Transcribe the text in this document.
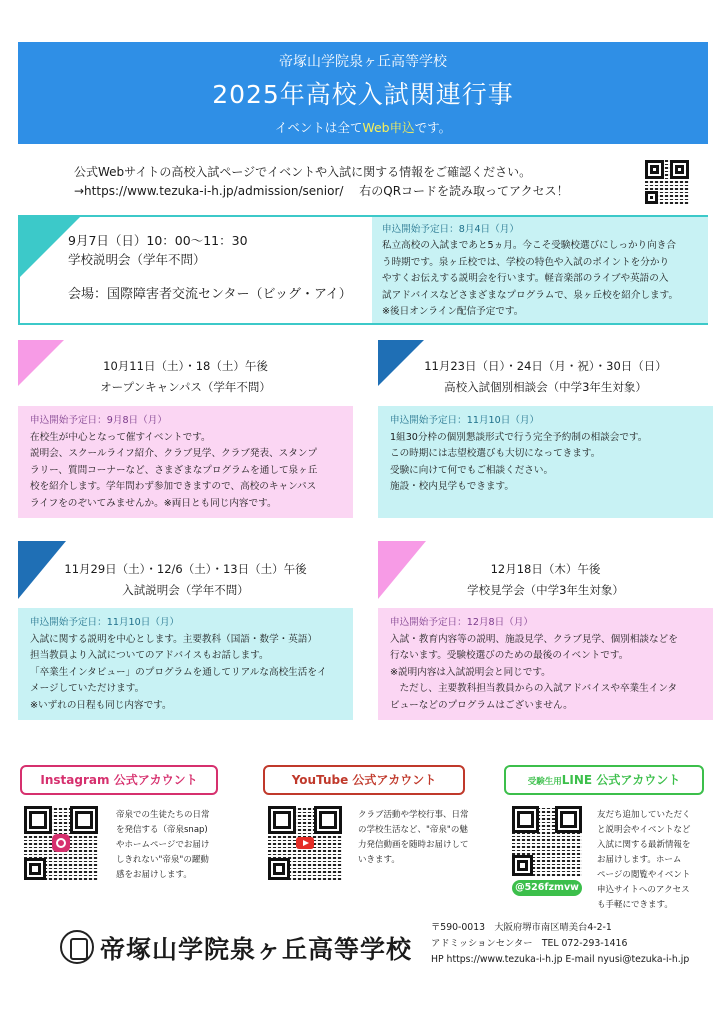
帝塚山学院泉ヶ丘高等学校
2025年高校入試関連行事
イベントは全てWeb申込です。
公式Webサイトの高校入試ページでイベントや入試に関する情報をご確認ください。
→https://www.tezuka-i-h.jp/admission/senior/　 右のQRコードを読み取ってアクセス！
9月7日（日）10：00～11：30
学校説明会（学年不問）
会場：国際障害者交流センター（ビッグ・アイ）
申込開始予定日：8月4日（月）
私立高校の入試まであと5ヵ月。今こそ受験校選びにしっかり向き合
う時期です。泉ヶ丘校では、学校の特色や入試のポイントを分かり
やすくお伝えする説明会を行います。軽音楽部のライブや英語の入
試アドバイスなどさまざまなプログラムで、泉ヶ丘校を紹介します。
※後日オンライン配信予定です。
10月11日（土）・18（土）午後
オープンキャンパス（学年不問）
申込開始予定日：9月8日（月）
在校生が中心となって催すイベントです。
説明会、スクールライフ紹介、クラブ見学、クラブ発表、スタンプ
ラリー、質問コーナーなど、さまざまなプログラムを通して泉ヶ丘
校を紹介します。学年問わず参加できますので、高校のキャンパス
ライフをのぞいてみませんか。※両日とも同じ内容です。
11月23日（日）・24日（月・祝）・30日（日）
高校入試個別相談会（中学3年生対象）
申込開始予定日：11月10日（月）
1組30分枠の個別懇談形式で行う完全予約制の相談会です。
この時期には志望校選びも大切になってきます。
受験に向けて何でもご相談ください。
施設・校内見学もできます。
11月29日（土）・12/6（土）・13日（土）午後
入試説明会（学年不問）
申込開始予定日：11月10日（月）
入試に関する説明を中心とします。主要教科（国語・数学・英語）
担当教員より入試についてのアドバイスもお話します。
「卒業生インタビュー」のプログラムを通してリアルな高校生活をイ
メージしていただけます。
※いずれの日程も同じ内容です。
12月18日（木）午後
学校見学会（中学3年生対象）
申込開始予定日：12月8日（月）
入試・教育内容等の説明、施設見学、クラブ見学、個別相談などを
行ないます。受験校選びのための最後のイベントです。
※説明内容は入試説明会と同じです。
　ただし、主要教科担当教員からの入試アドバイスや卒業生インタ
ビューなどのプログラムはございません。
Instagram 公式アカウント
帝泉での生徒たちの日常
を発信する（帝泉snap)
やホームページでお届け
しきれない"帝泉"の躍動
感をお届けします。
YouTube 公式アカウント
クラブ活動や学校行事、日常
の学校生活など、"帝泉"の魅
力発信動画を随時お届けして
いきます。
受験生用LINE 公式アカウント
@526fzmvw
友だち追加していただく
と説明会やイベントなど
入試に関する最新情報を
お届けします。ホーム
ページの閲覧やイベント
申込サイトへのアクセス
も手軽にできます。
帝塚山学院泉ヶ丘高等学校
〒590-0013　大阪府堺市南区晴美台4-2-1
アドミッションセンター　TEL 072-293-1416
HP https://www.tezuka-i-h.jp E-mail nyusi@tezuka-i-h.jp
